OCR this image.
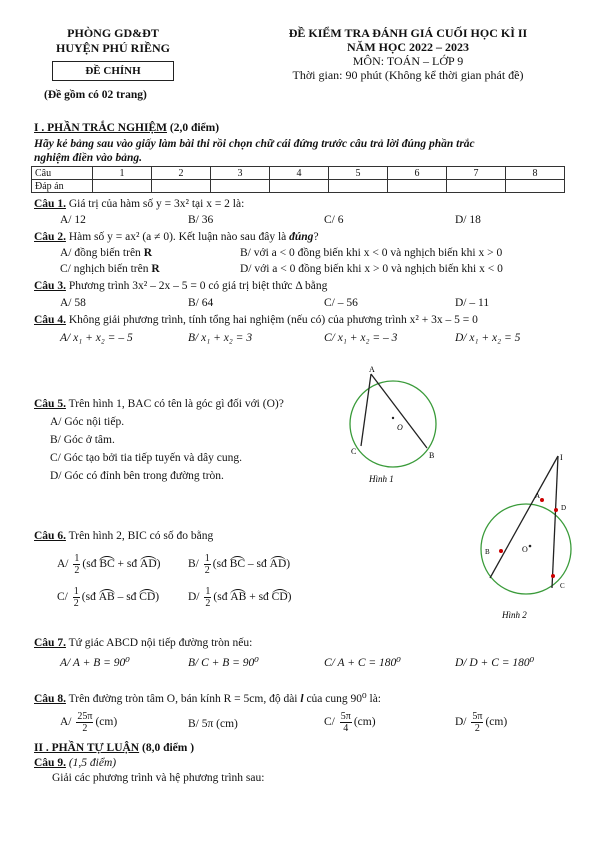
PHÒNG GD&ĐT
HUYỆN PHÚ RIỀNG
ĐỀ CHÍNH
(Đề gồm có 02 trang)
ĐỀ KIỂM TRA ĐÁNH GIÁ CUỐI HỌC KÌ II
NĂM HỌC 2022 – 2023
MÔN: TOÁN – LỚP 9
Thời gian: 90 phút (Không kể thời gian phát đề)
I . PHẦN TRẮC NGHIỆM (2,0 điểm)
Hãy kẻ bảng sau vào giấy làm bài thi rồi chọn chữ cái đứng trước câu trả lời đúng phần trắc
nghiệm điền vào bảng.
Câu	1	2	3	4	5	6	7	8
Đáp án								
Câu 1. Giá trị của hàm số y = 3x² tại x = 2 là:
A/ 12	B/ 36	C/ 6	D/ 18
Câu 2. Hàm số y = ax² (a ≠ 0). Kết luận nào sau đây là đúng?
A/ đồng biến trên R	B/ với a < 0 đồng biến khi x < 0 và nghịch biến khi x > 0
C/ nghịch biến trên R	D/ với a < 0 đồng biến khi x > 0 và nghịch biến khi x < 0
Câu 3. Phương trình 3x² – 2x – 5 = 0 có giá trị biệt thức Δ bằng
A/ 58	B/ 64	C/ – 56	D/ – 11
Câu 4. Không giải phương trình, tính tổng hai nghiệm (nếu có) của phương trình x² + 3x – 5 = 0
A/ x₁ + x₂ = – 5	B/ x₁ + x₂ = 3	C/ x₁ + x₂ = – 3	D/ x₁ + x₂ = 5
Câu 5. Trên hình 1, BAC có tên là góc gì đối với (O)?
A/ Góc nội tiếp.
B/ Góc ở tâm.
C/ Góc tạo bởi tia tiếp tuyến và dây cung.
D/ Góc có đỉnh bên trong đường tròn.
A
O
C	B
Hình 1
Câu 6. Trên hình 2, BIC có số đo bằng
$A/ \frac{1}{2}$ (sđ BC + sđ AD) $B/ \frac{1}{2}$ (sđ BC – sđ AD)
$C/ \frac{1}{2}$ (sđ AB – sđ CD)	$D/ \frac{1}{2}$ (sđ AB + sđ CD)
I
A
D
B	O
C
Hình 2
Câu 7. Tứ giác ABCD nội tiếp đường tròn nếu:
A/ A + B = 90⁰	B/ C + B = 90⁰	C/ A + C = 180⁰	D/ D + C = 180⁰
Câu 8. Trên đường tròn tâm O, bán kính R = 5cm, độ dài l của cung 90⁰ là:
$A/ \frac{25\pi}{2} (cm)$	B/ 5π (cm)	$C/ \frac{5\pi}{4} (cm)$	$D/ \frac{5\pi}{2} (cm)$
II . PHẦN TỰ LUẬN (8,0 điểm )
Câu 9. (1,5 điểm)
Giải các phương trình và hệ phương trình sau:
